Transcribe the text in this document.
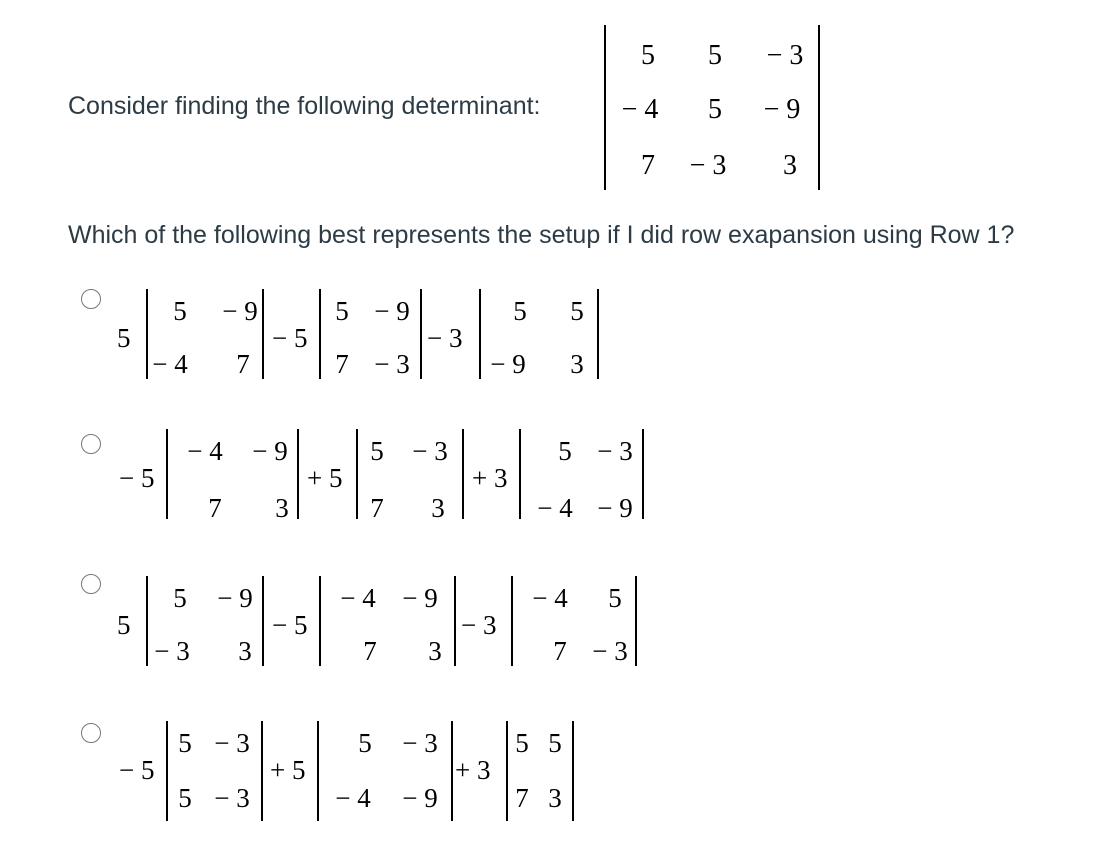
Consider finding the following determinant:
5 5 − 3
− 4 5 − 9
7 − 3 3
Which of the following best represents the setup if I did row exapansion using Row 1?
5
5 − 9
− 4 7
− 5
5 − 9
7 − 3
− 3
5 5
− 9 3
− 5
− 4 − 9
7 3
+ 5
5 − 3
7 3
+ 3
5 − 3
− 4 − 9
5
5 − 9
− 3 3
− 5
− 4 − 9
7 3
− 3
− 4 5
7 − 3
− 5
5 − 3
5 − 3
+ 5
5 − 3
− 4 − 9
+ 3
5 5
7 3
